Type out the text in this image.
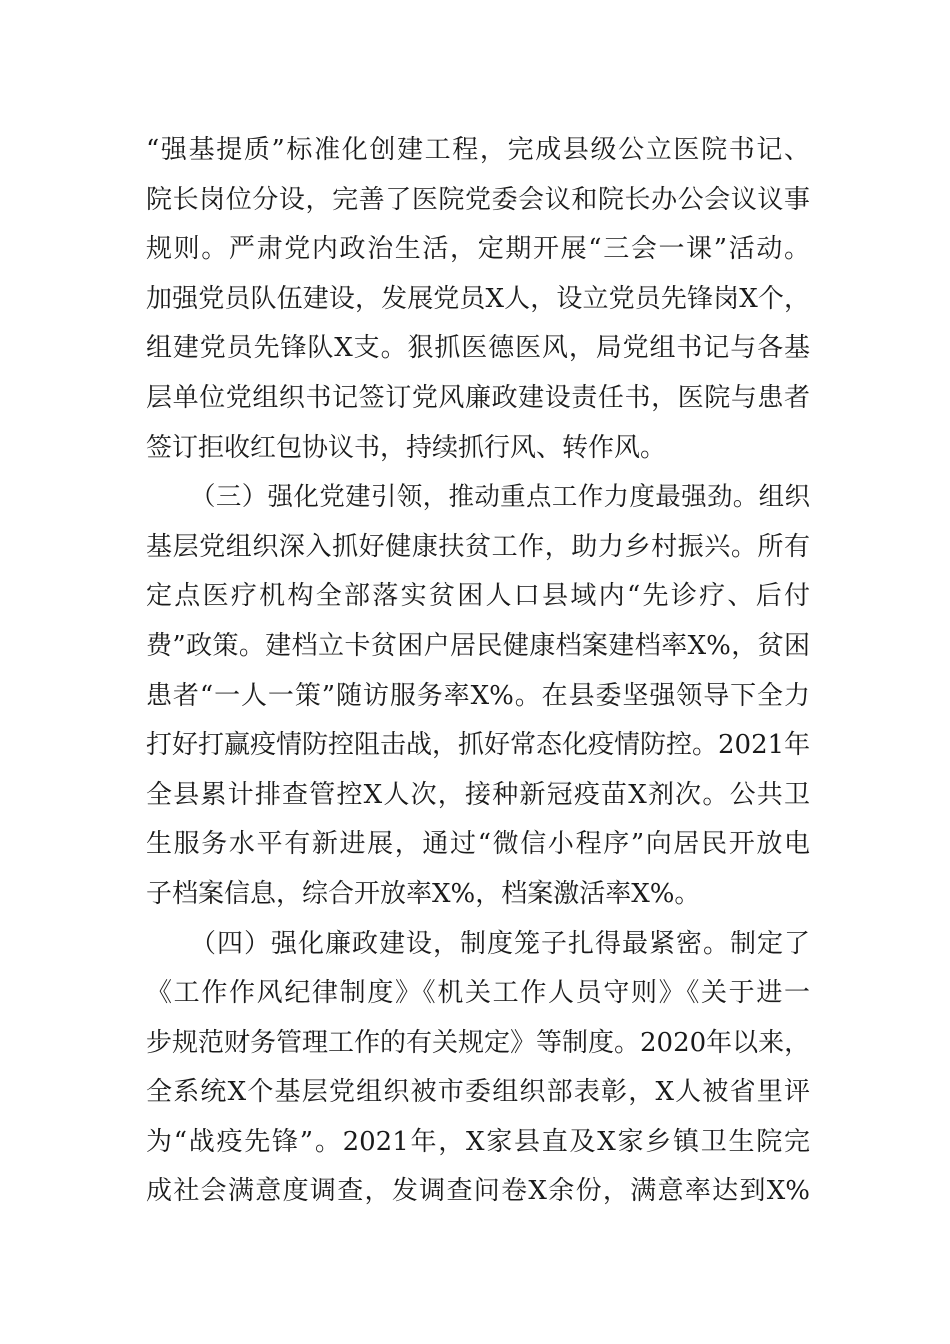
“强基提质”标准化创建工程，完成县级公立医院书记、
院长岗位分设，完善了医院党委会议和院长办公会议议事
规则。严肃党内政治生活，定期开展“三会一课”活动。
加强党员队伍建设，发展党员X人，设立党员先锋岗X个，
组建党员先锋队X支。狠抓医德医风，局党组书记与各基
层单位党组织书记签订党风廉政建设责任书，医院与患者
签订拒收红包协议书，持续抓行风、转作风。
（三）强化党建引领，推动重点工作力度最强劲。组织
基层党组织深入抓好健康扶贫工作，助力乡村振兴。所有
定点医疗机构全部落实贫困人口县域内“先诊疗、后付
费”政策。建档立卡贫困户居民健康档案建档率X%，贫困
患者“一人一策”随访服务率X%。在县委坚强领导下全力
打好打赢疫情防控阻击战，抓好常态化疫情防控。2021年
全县累计排查管控X人次，接种新冠疫苗X剂次。公共卫
生服务水平有新进展，通过“微信小程序”向居民开放电
子档案信息，综合开放率X%，档案激活率X%。
（四）强化廉政建设，制度笼子扎得最紧密。制定了
《工作作风纪律制度》《机关工作人员守则》《关于进一
步规范财务管理工作的有关规定》等制度。2020年以来，
全系统X个基层党组织被市委组织部表彰，X人被省里评
为“战疫先锋”。2021年，X家县直及X家乡镇卫生院完
成社会满意度调查，发调查问卷X余份，满意率达到X%
